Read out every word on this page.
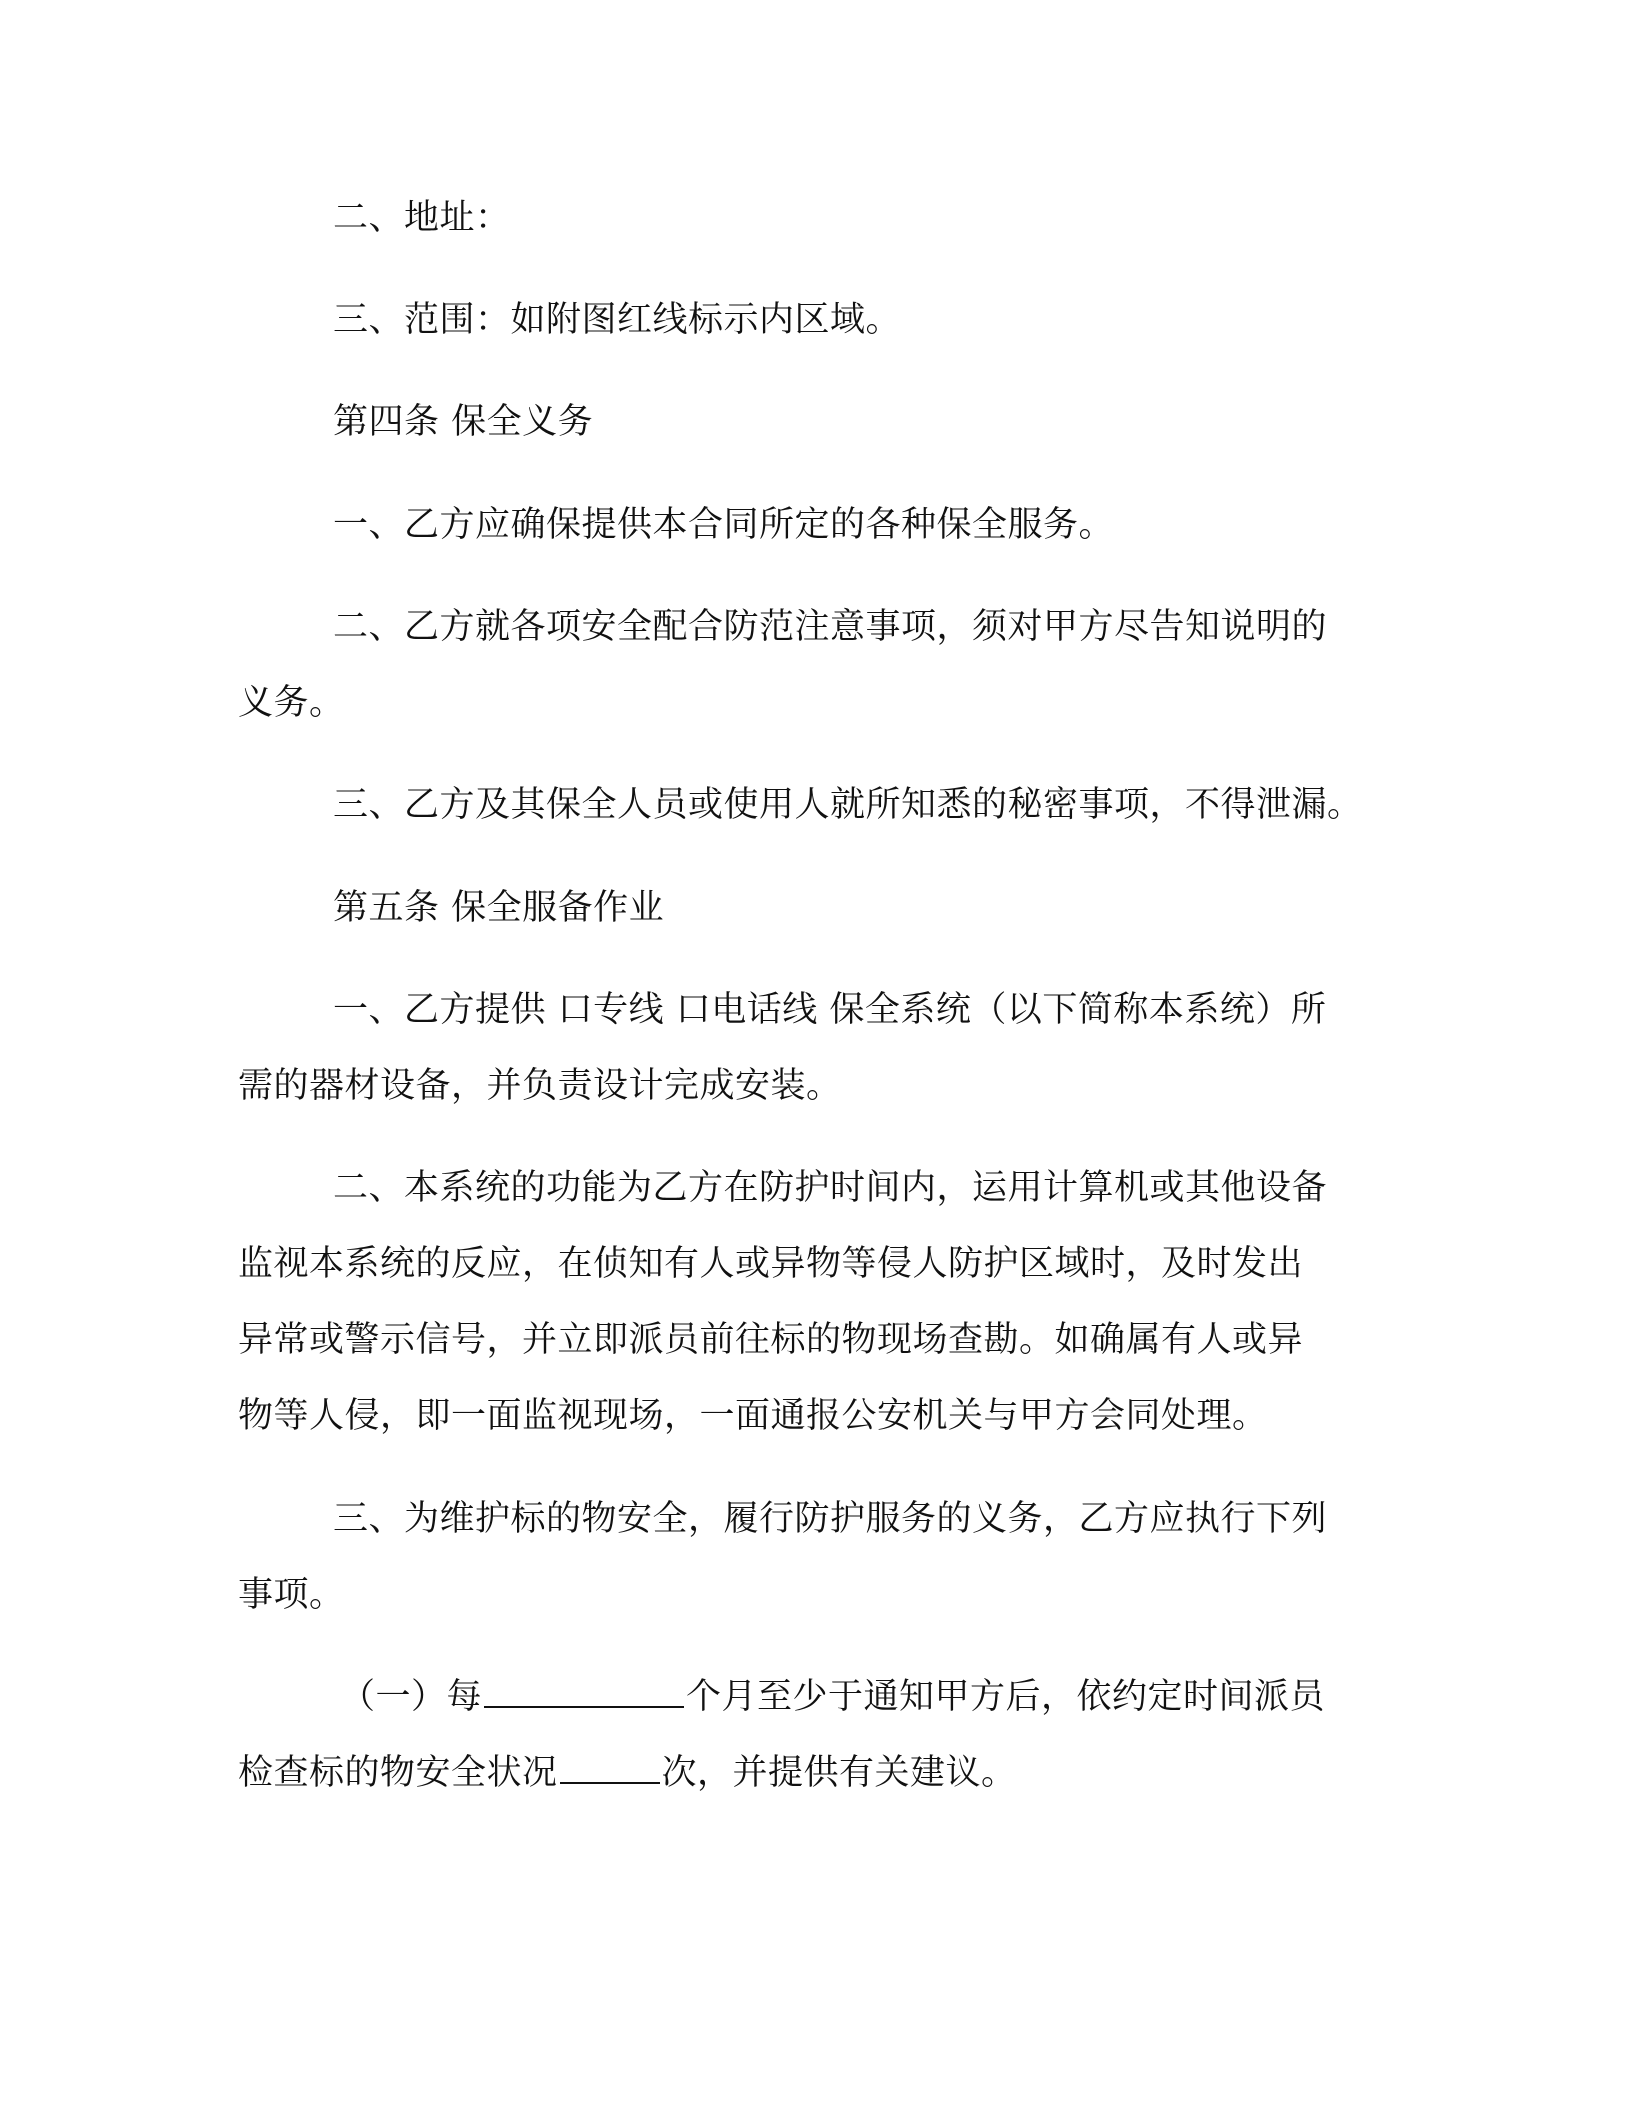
二、地址：
三、范围：如附图红线标示内区域。
第四条 保全义务
一、乙方应确保提供本合同所定的各种保全服务。
二、乙方就各项安全配合防范注意事项，须对甲方尽告知说明的
义务。
三、乙方及其保全人员或使用人就所知悉的秘密事项，不得泄漏。
第五条 保全服备作业
一、乙方提供 口专线 口电话线 保全系统（以下简称本系统）所
需的器材设备，并负责设计完成安装。
二、本系统的功能为乙方在防护时间内，运用计算机或其他设备
监视本系统的反应，在侦知有人或异物等侵人防护区域时，及时发出
异常或警示信号，并立即派员前往标的物现场查勘。如确属有人或异
物等人侵，即一面监视现场，一面通报公安机关与甲方会同处理。
三、为维护标的物安全，履行防护服务的义务，乙方应执行下列
事项。
（一）每	个月至少于通知甲方后，依约定时间派员
检查标的物安全状况	次，并提供有关建议。
